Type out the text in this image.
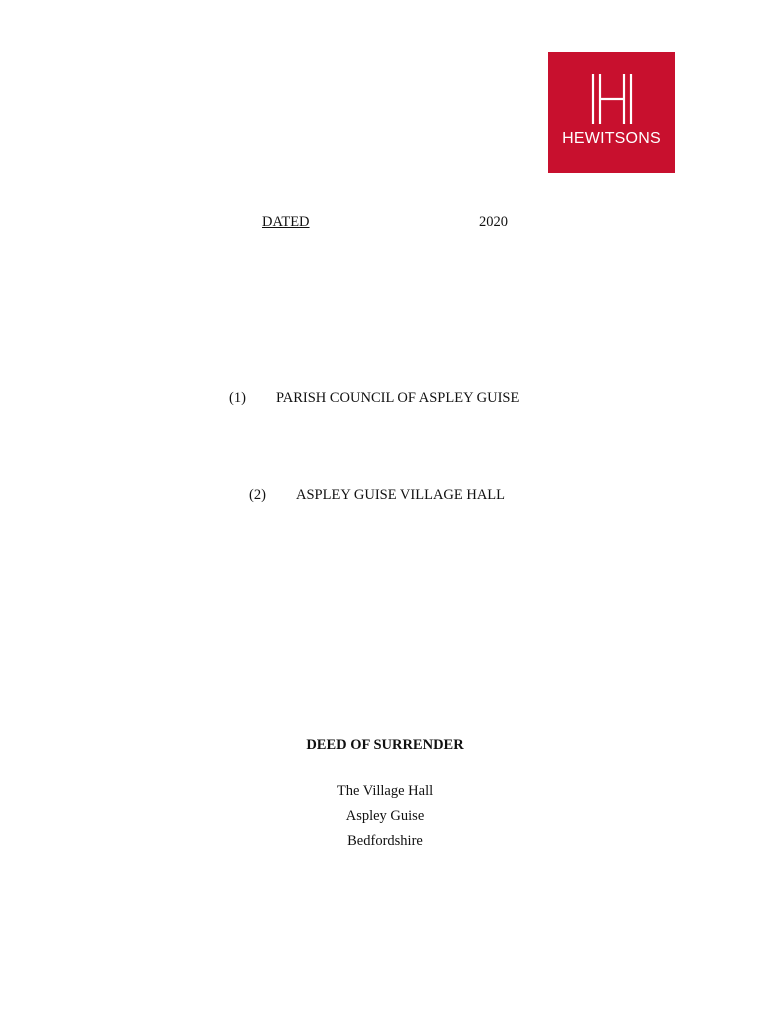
HEWITSONS
DATED	2020
(1) PARISH COUNCIL OF ASPLEY GUISE
(2) ASPLEY GUISE VILLAGE HALL
DEED OF SURRENDER
The Village Hall
Aspley Guise
Bedfordshire
